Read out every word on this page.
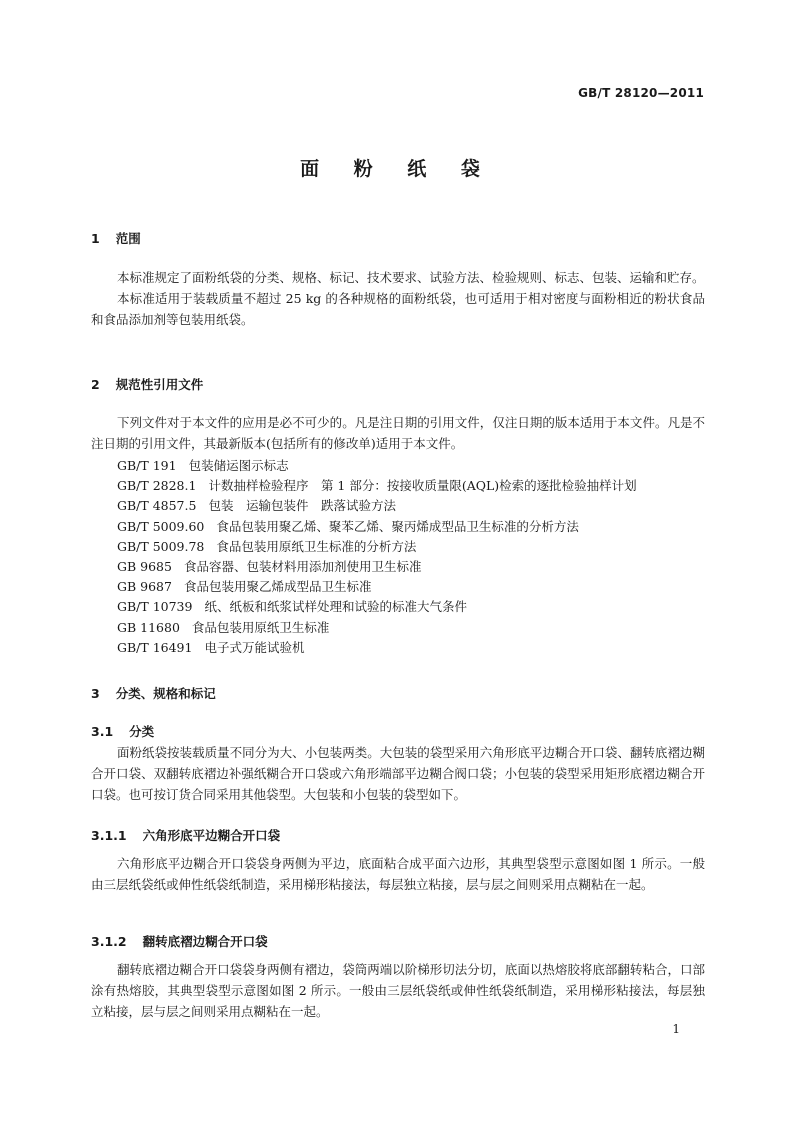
GB/T 28120—2011
面 粉 纸 袋
1 范围

本标准规定了面粉纸袋的分类、规格、标记、技术要求、试验方法、检验规则、标志、包装、运输和贮存。

本标准适用于装载质量不超过 25 kg 的各种规格的面粉纸袋，也可适用于相对密度与面粉相近的粉状食品和食品添加剂等包装用纸袋。

2 规范性引用文件

下列文件对于本文件的应用是必不可少的。凡是注日期的引用文件，仅注日期的版本适用于本文件。凡是不注日期的引用文件，其最新版本(包括所有的修改单)适用于本文件。

GB/T 191 包装储运图示标志
GB/T 2828.1 计数抽样检验程序　第 1 部分：按接收质量限(AQL)检索的逐批检验抽样计划
GB/T 4857.5 包装　运输包装件　跌落试验方法
GB/T 5009.60 食品包装用聚乙烯、聚苯乙烯、聚丙烯成型品卫生标准的分析方法
GB/T 5009.78 食品包装用原纸卫生标准的分析方法
GB 9685 食品容器、包装材料用添加剂使用卫生标准
GB 9687 食品包装用聚乙烯成型品卫生标准
GB/T 10739 纸、纸板和纸浆试样处理和试验的标准大气条件
GB 11680 食品包装用原纸卫生标准
GB/T 16491 电子式万能试验机
3 分类、规格和标记
3.1 分类

面粉纸袋按装载质量不同分为大、小包装两类。大包装的袋型采用六角形底平边糊合开口袋、翻转底褶边糊合开口袋、双翻转底褶边补强纸糊合开口袋或六角形端部平边糊合阀口袋；小包装的袋型采用矩形底褶边糊合开口袋。也可按订货合同采用其他袋型。大包装和小包装的袋型如下。

3.1.1 六角形底平边糊合开口袋

六角形底平边糊合开口袋袋身两侧为平边，底面粘合成平面六边形，其典型袋型示意图如图 1 所示。一般由三层纸袋纸或伸性纸袋纸制造，采用梯形粘接法，每层独立粘接，层与层之间则采用点糊粘在一起。

3.1.2 翻转底褶边糊合开口袋

翻转底褶边糊合开口袋袋身两侧有褶边，袋筒两端以阶梯形切法分切，底面以热熔胶将底部翻转粘合，口部涂有热熔胶，其典型袋型示意图如图 2 所示。一般由三层纸袋纸或伸性纸袋纸制造，采用梯形粘接法，每层独立粘接，层与层之间则采用点糊粘在一起。

1
